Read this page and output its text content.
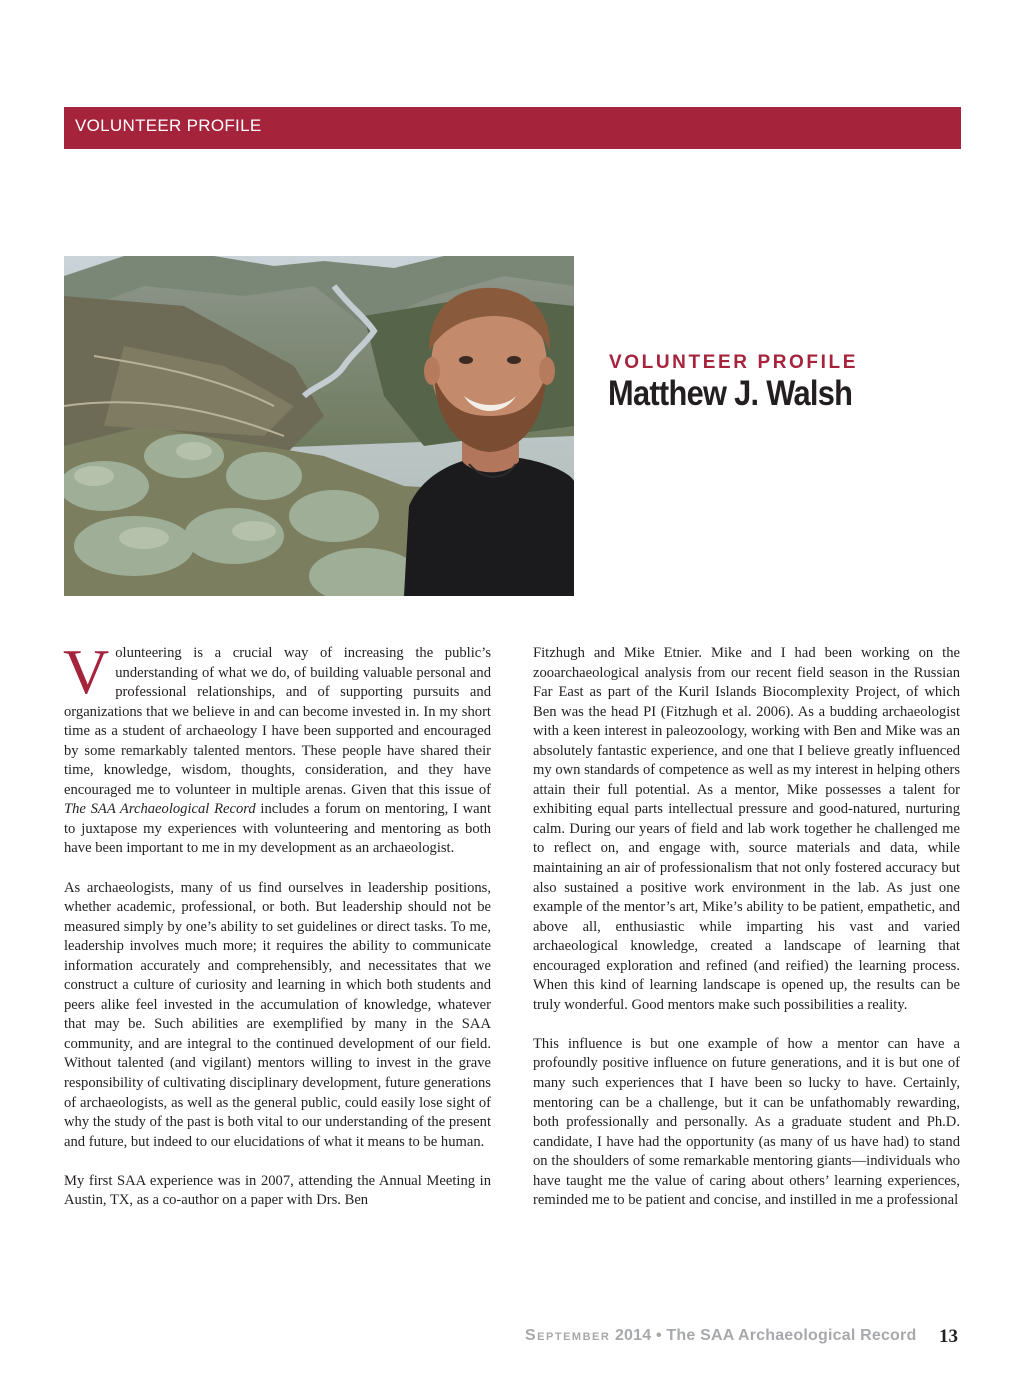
VOLUNTEER PROFILE
VOLUNTEER PROFILE
Matthew J. Walsh

Volunteering is a crucial way of increasing the public’s understanding of what we do, of building valuable personal and professional relationships, and of supporting pursuits and organizations that we believe in and can become invested in. In my short time as a student of archaeology I have been supported and encouraged by some remarkably talented mentors. These people have shared their time, knowledge, wisdom, thoughts, consideration, and they have encouraged me to volunteer in multiple arenas. Given that this issue of The SAA Archaeological Record includes a forum on mentoring, I want to juxtapose my experiences with volunteering and mentoring as both have been important to me in my development as an archaeologist.

As archaeologists, many of us find ourselves in leadership positions, whether academic, professional, or both. But leadership should not be measured simply by one’s ability to set guidelines or direct tasks. To me, leadership involves much more; it requires the ability to communicate information accurately and comprehensibly, and necessitates that we construct a culture of curiosity and learning in which both students and peers alike feel invested in the accumulation of knowledge, whatever that may be. Such abilities are exemplified by many in the SAA community, and are integral to the continued development of our field. Without talented (and vigilant) mentors willing to invest in the grave responsibility of cultivating disciplinary development, future generations of archaeologists, as well as the general public, could easily lose sight of why the study of the past is both vital to our understanding of the present and future, but indeed to our elucidations of what it means to be human.

My first SAA experience was in 2007, attending the Annual Meeting in Austin, TX, as a co-author on a paper with Drs. Ben

Fitzhugh and Mike Etnier. Mike and I had been working on the zooarchaeological analysis from our recent field season in the Russian Far East as part of the Kuril Islands Biocomplexity Project, of which Ben was the head PI (Fitzhugh et al. 2006). As a budding archaeologist with a keen interest in paleozoology, working with Ben and Mike was an absolutely fantastic experience, and one that I believe greatly influenced my own standards of competence as well as my interest in helping others attain their full potential. As a mentor, Mike possesses a talent for exhibiting equal parts intellectual pressure and good-natured, nurturing calm. During our years of field and lab work together he challenged me to reflect on, and engage with, source materials and data, while maintaining an air of professionalism that not only fostered accuracy but also sustained a positive work environment in the lab. As just one example of the mentor’s art, Mike’s ability to be patient, empathetic, and above all, enthusiastic while imparting his vast and varied archaeological knowledge, created a landscape of learning that encouraged exploration and refined (and reified) the learning process. When this kind of learning landscape is opened up, the results can be truly wonderful. Good mentors make such possibilities a reality.

This influence is but one example of how a mentor can have a profoundly positive influence on future generations, and it is but one of many such experiences that I have been so lucky to have. Certainly, mentoring can be a challenge, but it can be unfathomably rewarding, both professionally and personally. As a graduate student and Ph.D. candidate, I have had the opportunity (as many of us have had) to stand on the shoulders of some remarkable mentoring giants—individuals who have taught me the value of caring about others’ learning experiences, reminded me to be patient and concise, and instilled in me a professional

September 2014 • The SAA Archaeological Record 13
